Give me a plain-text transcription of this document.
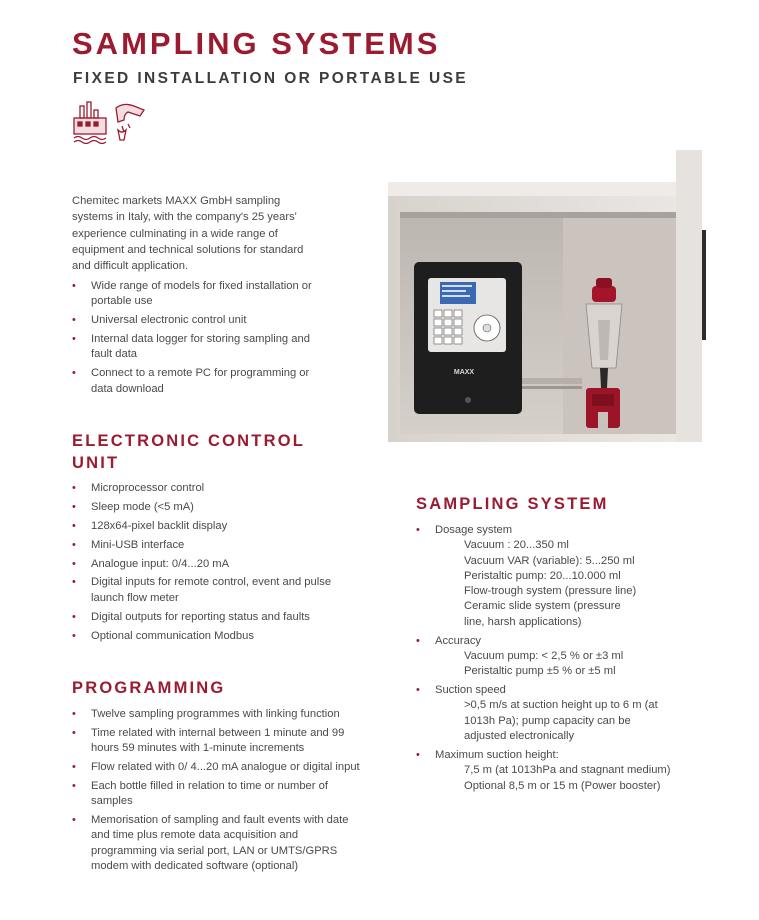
SAMPLING SYSTEMS
FIXED INSTALLATION OR PORTABLE USE
Chemitec markets MAXX GmbH sampling systems in Italy, with the company's 25 years' experience culminating in a wide range of equipment and technical solutions for standard and difficult application.
• Wide range of models for fixed installation or portable use
• Universal electronic control unit
• Internal data logger for storing sampling and fault data
• Connect to a remote PC for programming or data download
ELECTRONIC CONTROL UNIT
• Microprocessor control
• Sleep mode (<5 mA)
• 128x64-pixel backlit display
• Mini-USB interface
• Analogue input: 0/4...20 mA
• Digital inputs for remote control, event and pulse launch flow meter
• Digital outputs for reporting status and faults
• Optional communication Modbus
PROGRAMMING
• Twelve sampling programmes with linking function
• Time related with internal between 1 minute and 99 hours 59 minutes with 1-minute increments
• Flow related with 0/ 4...20 mA analogue or digital input
• Each bottle filled in relation to time or number of samples
• Memorisation of sampling and fault events with date and time plus remote data acquisition and programming via serial port, LAN or UMTS/GPRS modem with dedicated software (optional)
SAMPLING SYSTEM
• Dosage system
Vacuum : 20...350 ml
Vacuum VAR (variable): 5...250 ml
Peristaltic pump: 20...10.000 ml
Flow-trough system (pressure line)
Ceramic slide system (pressure line, harsh applications)
• Accuracy
Vacuum pump: < 2,5 % or ±3 ml
Peristaltic pump ±5 % or ±5 ml
• Suction speed
>0,5 m/s at suction height up to 6 m (at 1013h Pa); pump capacity can be adjusted electronically
• Maximum suction height:
7,5 m (at 1013hPa and stagnant medium)
Optional 8,5 m or 15 m (Power booster)
MAXX
